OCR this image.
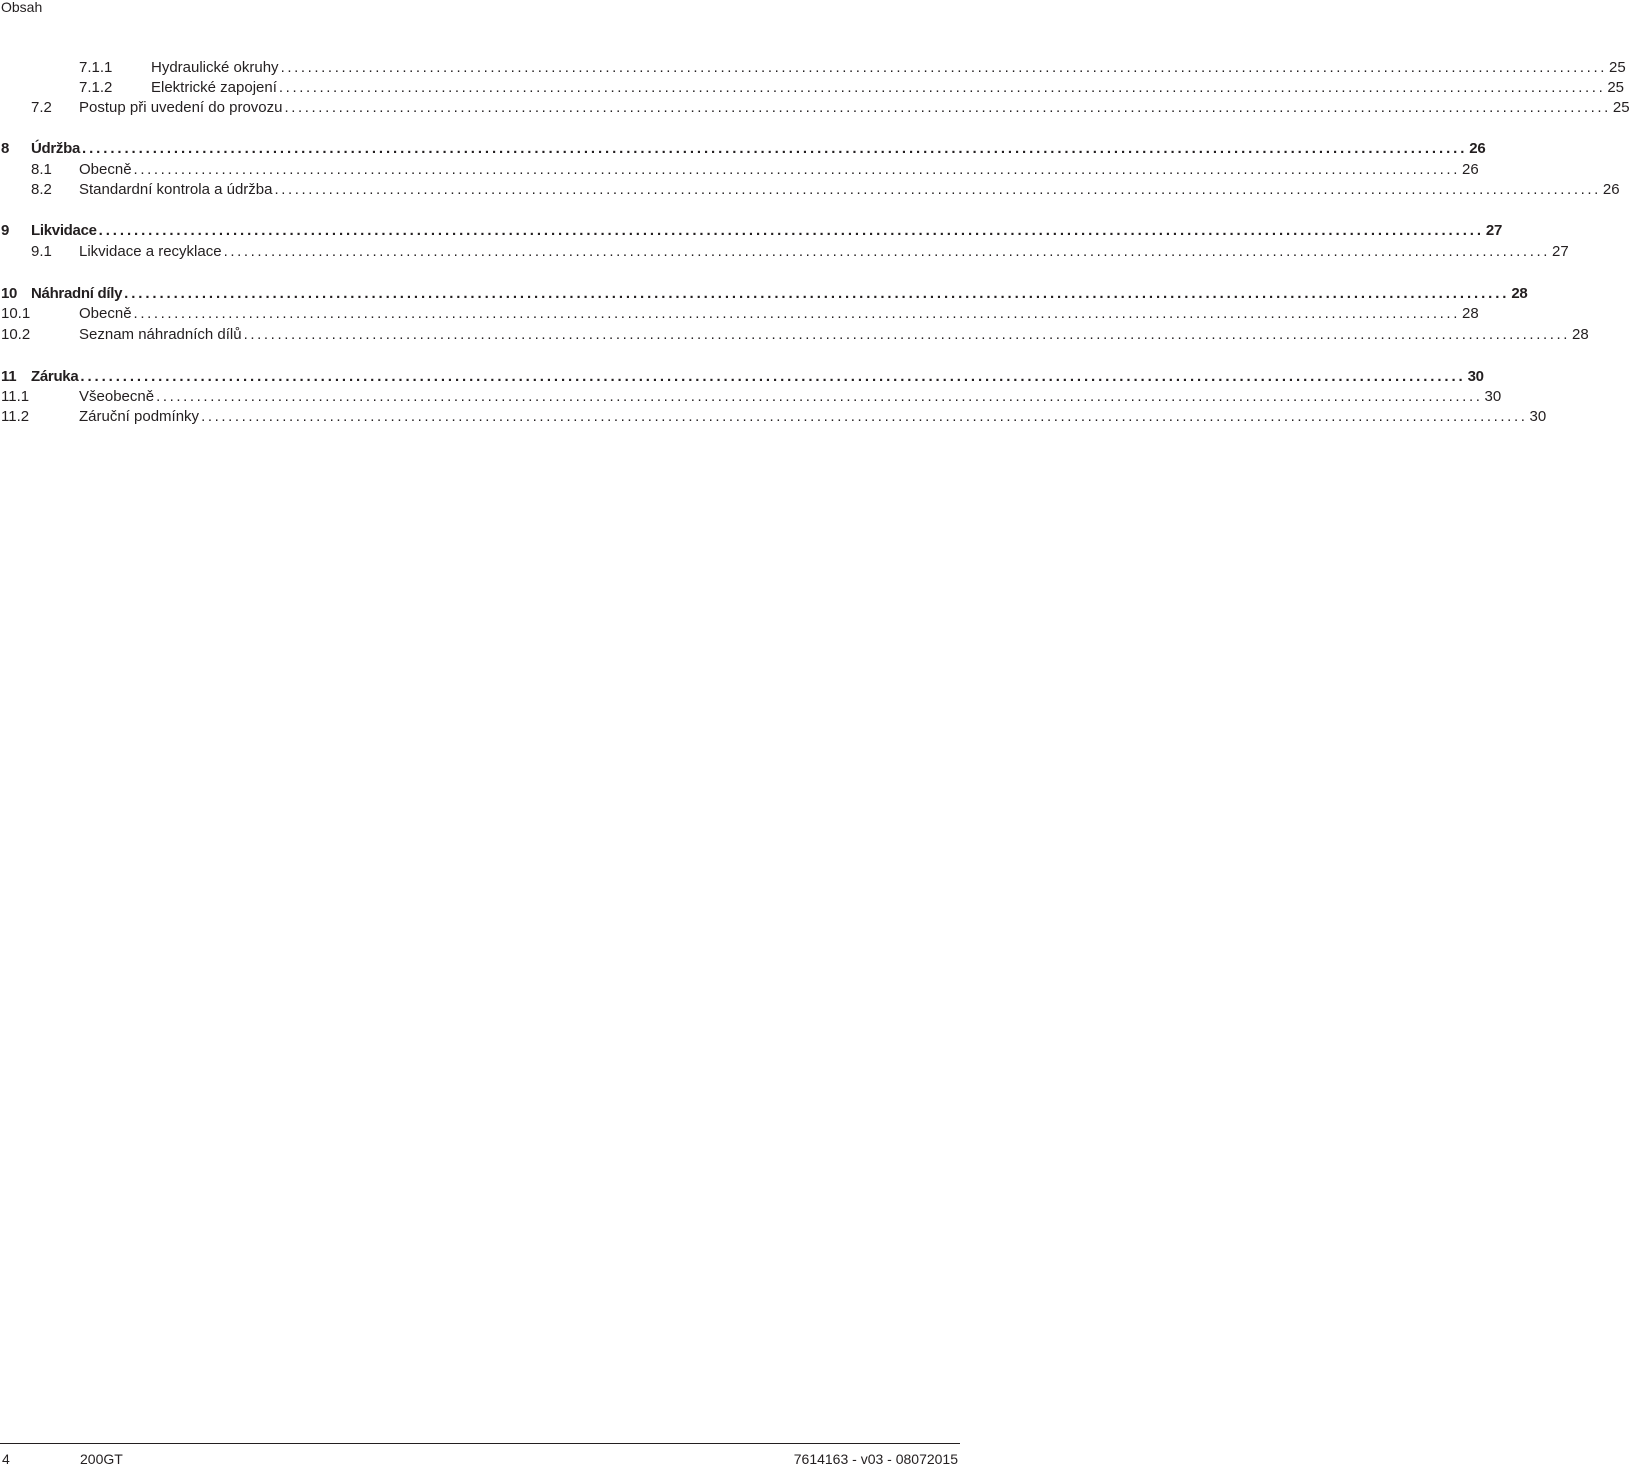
Obsah
7.1.1	Hydraulické okruhy .................................................................................................................................................................................................... 25
7.1.2	Elektrické zapojení .................................................................................................................................................................................................... 25
7.2	Postup při uvedení do provozu .................................................................................................................................................................................................... 25
8	Údržba .................................................................................................................................................................................................... 26
8.1	Obecně .................................................................................................................................................................................................... 26
8.2	Standardní kontrola a údržba .................................................................................................................................................................................................... 26
9	Likvidace .................................................................................................................................................................................................... 27
9.1	Likvidace a recyklace .................................................................................................................................................................................................... 27
10 Náhradní díly .................................................................................................................................................................................................... 28
10.1	Obecně .................................................................................................................................................................................................... 28
10.2	Seznam náhradních dílů .................................................................................................................................................................................................... 28
11 Záruka .................................................................................................................................................................................................... 30
11.1	Všeobecně .................................................................................................................................................................................................... 30
11.2	Záruční podmínky .................................................................................................................................................................................................... 30
4	200GT	7614163 - v03 - 08072015
